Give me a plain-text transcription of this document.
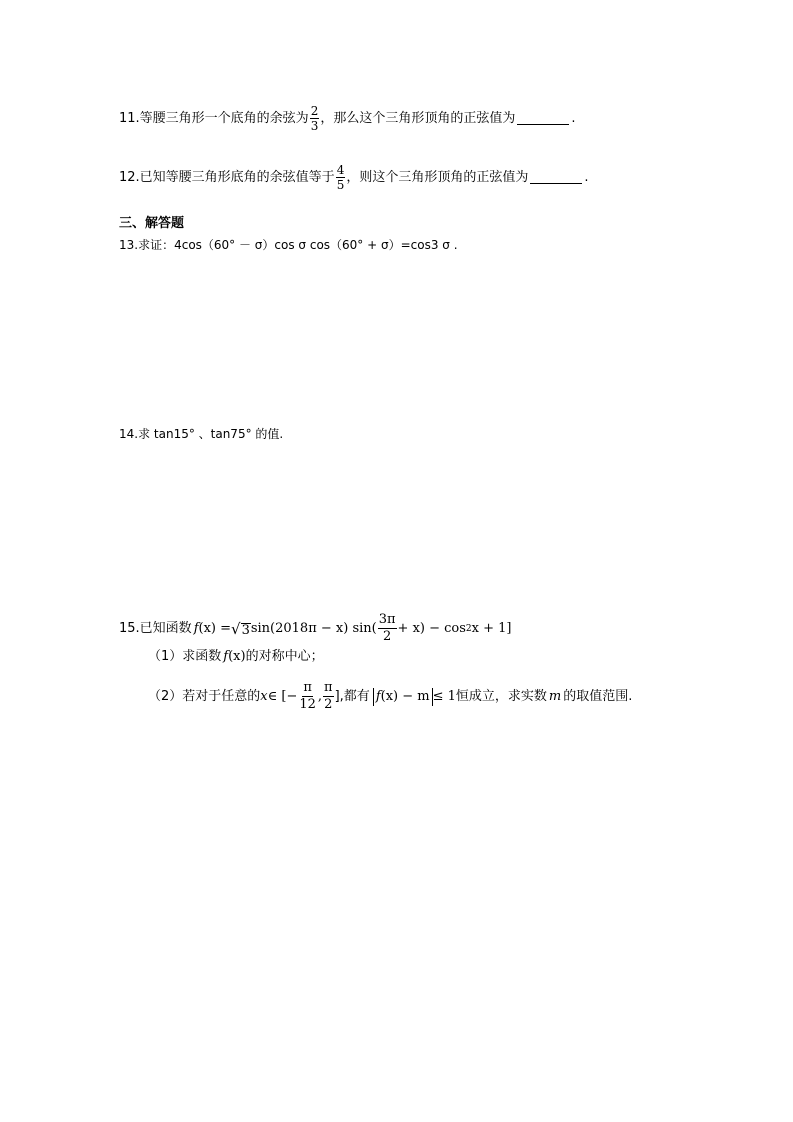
11.等腰三角形一个底角的余弦为 $\frac{2}{3}$ ，那么这个三角形顶角的正弦值为	.
12.已知等腰三角形底角的余弦值等于 $\frac{4}{5}$ ，则这个三角形顶角的正弦值为	.
三、解答题
13.求证：4cos（60° － σ）cos σ cos（60° + σ）=cos3 σ .
14.求 tan15° 、tan75° 的值.
15.已知函数 f (x) = √ 3 sin(2018π − x) $\sin( \frac{3\pi}{2} + x) - \cos 2$ x + 1]
（1）求函数 f (x) 的对称中心；
（2）若对于任意的 x ∈ [− $\frac{\pi}{12}$ , $\frac{\pi}{2}$ ],都有 f(x) − m ≤ 1 恒成立，求实数 m 的取值范围.
